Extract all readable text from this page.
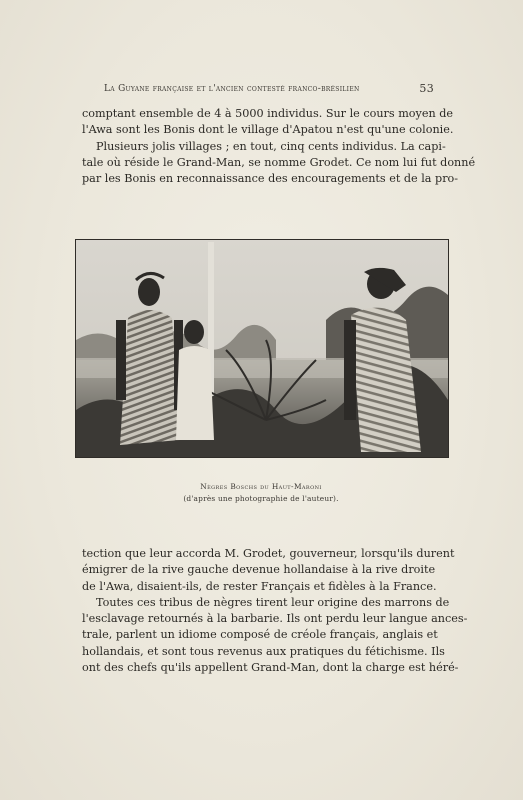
La Guyane française et l'ancien contesté franco-brésilien	53
comptant ensemble de 4 à 5000 individus. Sur le cours moyen de
l'Awa sont les Bonis dont le village d'Apatou n'est qu'une colonie.
Plusieurs jolis villages ; en tout, cinq cents individus. La capi-
tale où réside le Grand-Man, se nomme Grodet. Ce nom lui fut donné
par les Bonis en reconnaissance des encouragements et de la pro-
Nègres Boschs du Haut-Maroni
(d'après une photographie de l'auteur).
tection que leur accorda M. Grodet, gouverneur, lorsqu'ils durent
émigrer de la rive gauche devenue hollandaise à la rive droite
de l'Awa, disaient-ils, de rester Français et fidèles à la France.
Toutes ces tribus de nègres tirent leur origine des marrons de
l'esclavage retournés à la barbarie. Ils ont perdu leur langue ances-
trale, parlent un idiome composé de créole français, anglais et
hollandais, et sont tous revenus aux pratiques du fétichisme. Ils
ont des chefs qu'ils appellent Grand-Man, dont la charge est héré-
